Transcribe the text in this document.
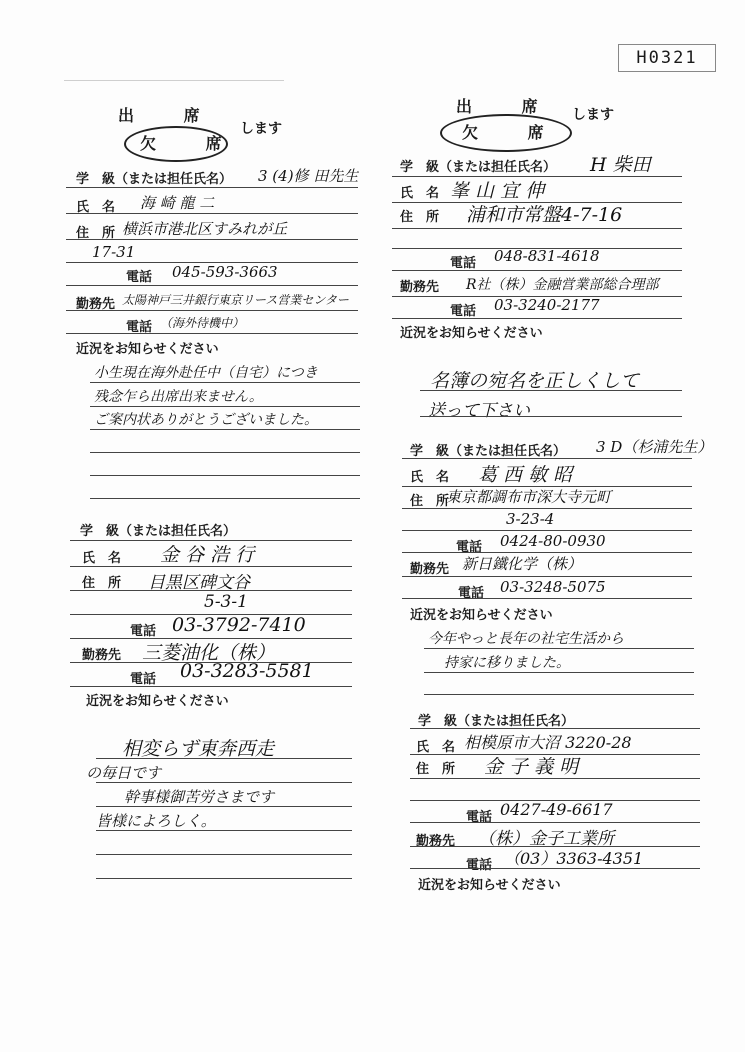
H0321
出 席
欠 席
します
学　級（または担任氏名） 3 (4)修 田先生
氏　名 海 崎 龍 二
住　所 横浜市港北区すみれが丘
17-31
電話 045-593-3663
勤務先 太陽神戸三井銀行東京リース営業センター
電話 （海外待機中）
近況をお知らせください
小生現在海外赴任中（自宅）につき
残念乍ら出席出来ません。
ご案内状ありがとうございました。
学　級（または担任氏名）
氏　名 金 谷 浩 行
住　所 目黒区碑文谷
5-3-1
電話 03-3792-7410
勤務先 三菱油化（株）
電話 03-3283-5581
近況をお知らせください
相変らず東奔西走
の毎日です
幹事様御苦労さまです
皆様によろしく。
出 席
欠 席
します
学　級（または担任氏名） H 柴田
氏　名 峯 山 宜 伸
住　所 浦和市常盤4-7-16
電話 048-831-4618
勤務先 R社（株）金融営業部総合理部
電話 03-3240-2177
近況をお知らせください
名簿の宛名を正しくして
送って下さい
学　級（または担任氏名） 3 D（杉浦先生）
氏　名 葛 西 敏 昭
住　所
東京都調布市深大寺元町
3-23-4
電話 0424-80-0930
勤務先 新日鐵化学（株）
電話 03-3248-5075
近況をお知らせください
今年やっと長年の社宅生活から
持家に移りました。
学　級（または担任氏名）
氏　名 相模原市大沼 3220-28
住　所 金 子 義 明
電話 0427-49-6617
勤務先 （株）金子工業所
電話 （03）3363-4351
近況をお知らせください
